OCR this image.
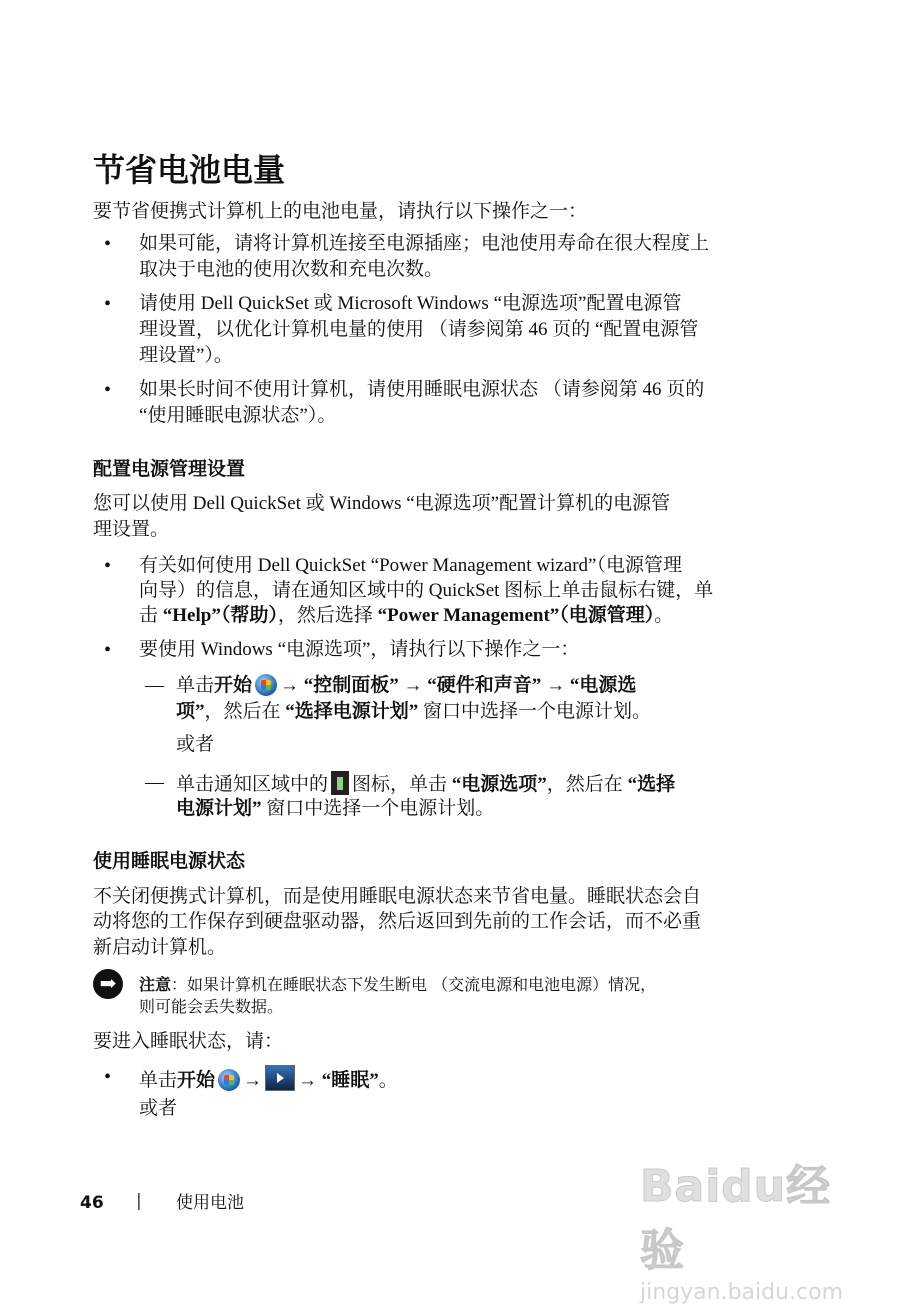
节省电池电量
要节省便携式计算机上的电池电量，请执行以下操作之一：
• 如果可能，请将计算机连接至电源插座；电池使用寿命在很大程度上
取决于电池的使用次数和充电次数。
• 请使用 Dell QuickSet 或 Microsoft Windows “电源选项”配置电源管
理设置，以优化计算机电量的使用 （请参阅第 46 页的 “配置电源管
理设置”）。
• 如果长时间不使用计算机，请使用睡眠电源状态 （请参阅第 46 页的
“使用睡眠电源状态”）。
配置电源管理设置
您可以使用 Dell QuickSet 或 Windows “电源选项”配置计算机的电源管
理设置。
• 有关如何使用 Dell QuickSet “Power Management wizard”（电源管理
向导）的信息，请在通知区域中的 QuickSet 图标上单击鼠标右键，单
击 “Help”（帮助），然后选择 “Power Management”（电源管理）。
• 要使用 Windows “电源选项”，请执行以下操作之一：
— 单击开始 → “控制面板” → “硬件和声音” → “电源选
项”，然后在 “选择电源计划” 窗口中选择一个电源计划。
或者
— 单击通知区域中的 图标，单击 “电源选项”，然后在 “选择
电源计划” 窗口中选择一个电源计划。
使用睡眠电源状态
不关闭便携式计算机，而是使用睡眠电源状态来节省电量。睡眠状态会自
动将您的工作保存到硬盘驱动器，然后返回到先前的工作会话，而不必重
新启动计算机。
➡	注意：如果计算机在睡眠状态下发生断电 （交流电源和电池电源）情况，
则可能会丢失数据。
要进入睡眠状态，请：
• 单击开始 → → “睡眠”。
或者
46 | 使用电池	Baidu经验
jingyan.baidu.com
